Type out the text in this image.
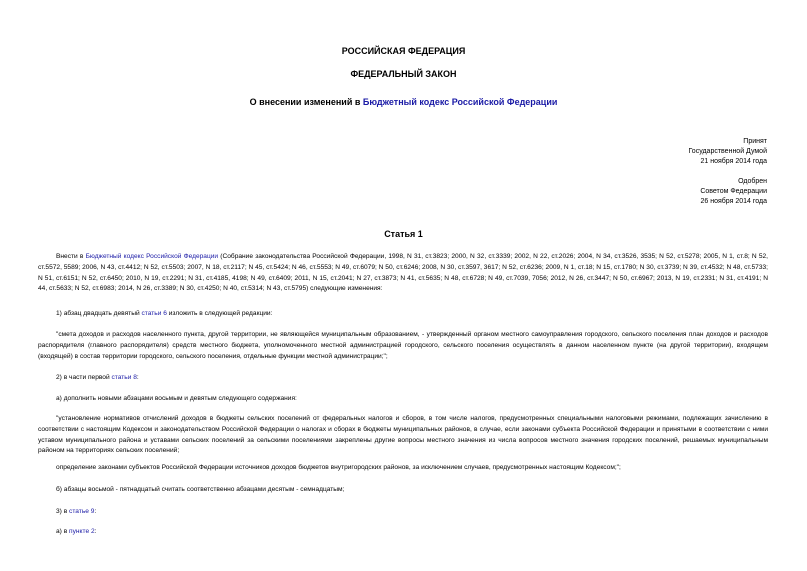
РОССИЙСКАЯ ФЕДЕРАЦИЯ
ФЕДЕРАЛЬНЫЙ ЗАКОН
О внесении изменений в Бюджетный кодекс Российской Федерации
Принят
Государственной Думой
21 ноября 2014 года
Одобрен
Советом Федерации
26 ноября 2014 года
Статья 1

Внести в Бюджетный кодекс Российской Федерации (Собрание законодательства Российской Федерации, 1998, N 31, ст.3823; 2000, N 32, ст.3339; 2002, N 22, ст.2026; 2004, N 34, ст.3526, 3535; N 52, ст.5278; 2005, N 1, ст.8; N 52, ст.5572, 5589; 2006, N 43, ст.4412; N 52, ст.5503; 2007, N 18, ст.2117; N 45, ст.5424; N 46, ст.5553; N 49, ст.6079; N 50, ст.6246; 2008, N 30, ст.3597, 3617; N 52, ст.6236; 2009, N 1, ст.18; N 15, ст.1780; N 30, ст.3739; N 39, ст.4532; N 48, ст.5733; N 51, ст.6151; N 52, ст.6450; 2010, N 19, ст.2291; N 31, ст.4185, 4198; N 49, ст.6409; 2011, N 15, ст.2041; N 27, ст.3873; N 41, ст.5635; N 48, ст.6728; N 49, ст.7039, 7056; 2012, N 26, ст.3447; N 50, ст.6967; 2013, N 19, ст.2331; N 31, ст.4191; N 44, ст.5633; N 52, ст.6983; 2014, N 26, ст.3389; N 30, ст.4250; N 40, ст.5314; N 43, ст.5795) следующие изменения:

1) абзац двадцать девятый статьи 6 изложить в следующей редакции:

"смета доходов и расходов населенного пункта, другой территории, не являющейся муниципальным образованием, - утвержденный органом местного самоуправления городского, сельского поселения план доходов и расходов распорядителя (главного распорядителя) средств местного бюджета, уполномоченного местной администрацией городского, сельского поселения осуществлять в данном населенном пункте (на другой территории), входящем (входящей) в состав территории городского, сельского поселения, отдельные функции местной администрации;";

2) в части первой статьи 8:

а) дополнить новыми абзацами восьмым и девятым следующего содержания:

"установление нормативов отчислений доходов в бюджеты сельских поселений от федеральных налогов и сборов, в том числе налогов, предусмотренных специальными налоговыми режимами, подлежащих зачислению в соответствии с настоящим Кодексом и законодательством Российской Федерации о налогах и сборах в бюджеты муниципальных районов, в случае, если законами субъекта Российской Федерации и принятыми в соответствии с ними уставом муниципального района и уставами сельских поселений за сельскими поселениями закреплены другие вопросы местного значения из числа вопросов местного значения городских поселений, решаемых муниципальным районом на территориях сельских поселений;

определение законами субъектов Российской Федерации источников доходов бюджетов внутригородских районов, за исключением случаев, предусмотренных настоящим Кодексом;";

б) абзацы восьмой - пятнадцатый считать соответственно абзацами десятым - семнадцатым;

3) в статье 9:

а) в пункте 2:
